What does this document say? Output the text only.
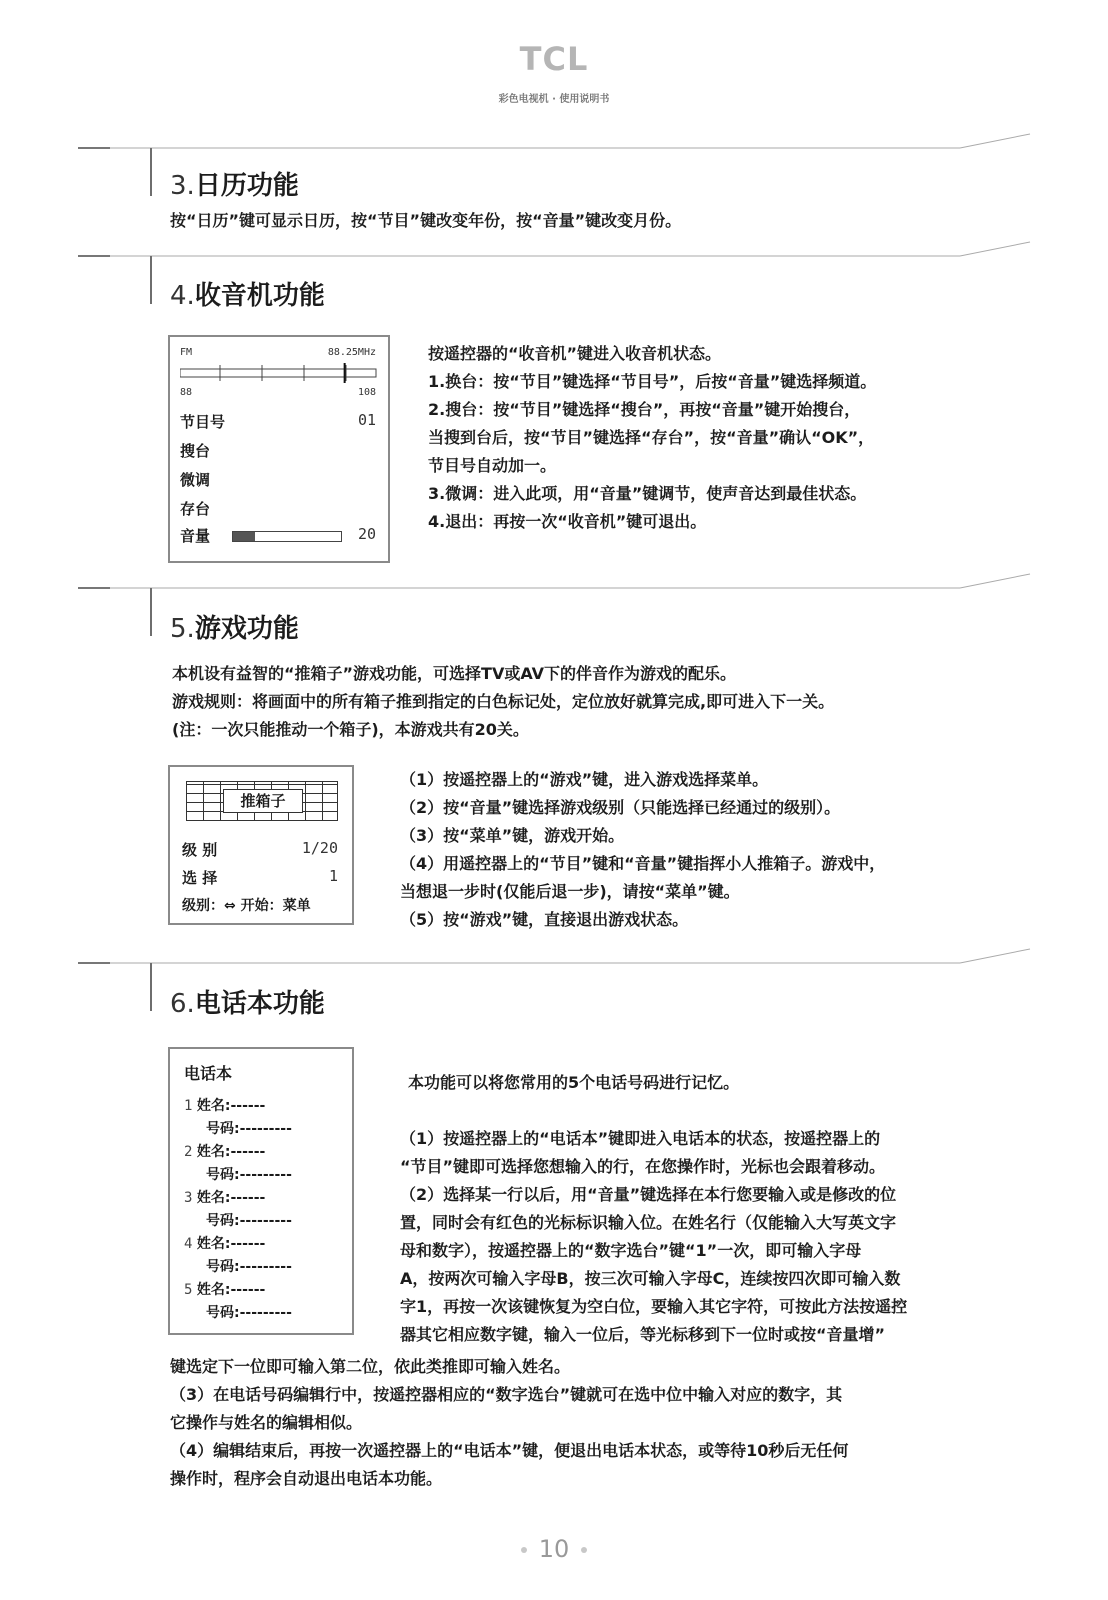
TCL
彩色电视机 · 使用说明书
3.日历功能
按“日历”键可显示日历，按“节目”键改变年份，按“音量”键改变月份。
4.收音机功能
FM	88.25MHz
88	108
节目号	01
搜台
微调
存台
音量	20
按遥控器的“收音机”键进入收音机状态。
1.换台：按“节目”键选择“节目号”，后按“音量”键选择频道。
2.搜台：按“节目”键选择“搜台”，再按“音量”键开始搜台，
当搜到台后，按“节目”键选择“存台”，按“音量”确认“OK”，
节目号自动加一。
3.微调：进入此项，用“音量”键调节，使声音达到最佳状态。
4.退出：再按一次“收音机”键可退出。
5.游戏功能
本机设有益智的“推箱子”游戏功能，可选择TV或AV下的伴音作为游戏的配乐。
游戏规则：将画面中的所有箱子推到指定的白色标记处，定位放好就算完成,即可进入下一关。
(注：一次只能推动一个箱子)，本游戏共有20关。
推箱子
级 别	1/20
选 择	1
级别：⇔ 开始：菜单
（1）按遥控器上的“游戏”键，进入游戏选择菜单。
（2）按“音量”键选择游戏级别（只能选择已经通过的级别）。
（3）按“菜单”键，游戏开始。
（4）用遥控器上的“节目”键和“音量”键指挥小人推箱子。游戏中，
当想退一步时(仅能后退一步)，请按“菜单”键。
（5）按“游戏”键，直接退出游戏状态。
6.电话本功能
电话本
1 姓名:------
号码:---------
2 姓名:------
号码:---------
3 姓名:------
号码:---------
4 姓名:------
号码:---------
5 姓名:------
号码:---------
本功能可以将您常用的5个电话号码进行记忆。
（1）按遥控器上的“电话本”键即进入电话本的状态，按遥控器上的
“节目”键即可选择您想输入的行，在您操作时，光标也会跟着移动。
（2）选择某一行以后，用“音量”键选择在本行您要输入或是修改的位
置，同时会有红色的光标标识输入位。在姓名行（仅能输入大写英文字
母和数字），按遥控器上的“数字选台”键“1”一次，即可输入字母
A，按两次可输入字母B，按三次可输入字母C，连续按四次即可输入数
字1，再按一次该键恢复为空白位，要输入其它字符，可按此方法按遥控
器其它相应数字键，输入一位后，等光标移到下一位时或按“音量增”
键选定下一位即可输入第二位，依此类推即可输入姓名。
（3）在电话号码编辑行中，按遥控器相应的“数字选台”键就可在选中位中输入对应的数字，其
它操作与姓名的编辑相似。
（4）编辑结束后，再按一次遥控器上的“电话本”键，便退出电话本状态，或等待10秒后无任何
操作时，程序会自动退出电话本功能。
10
